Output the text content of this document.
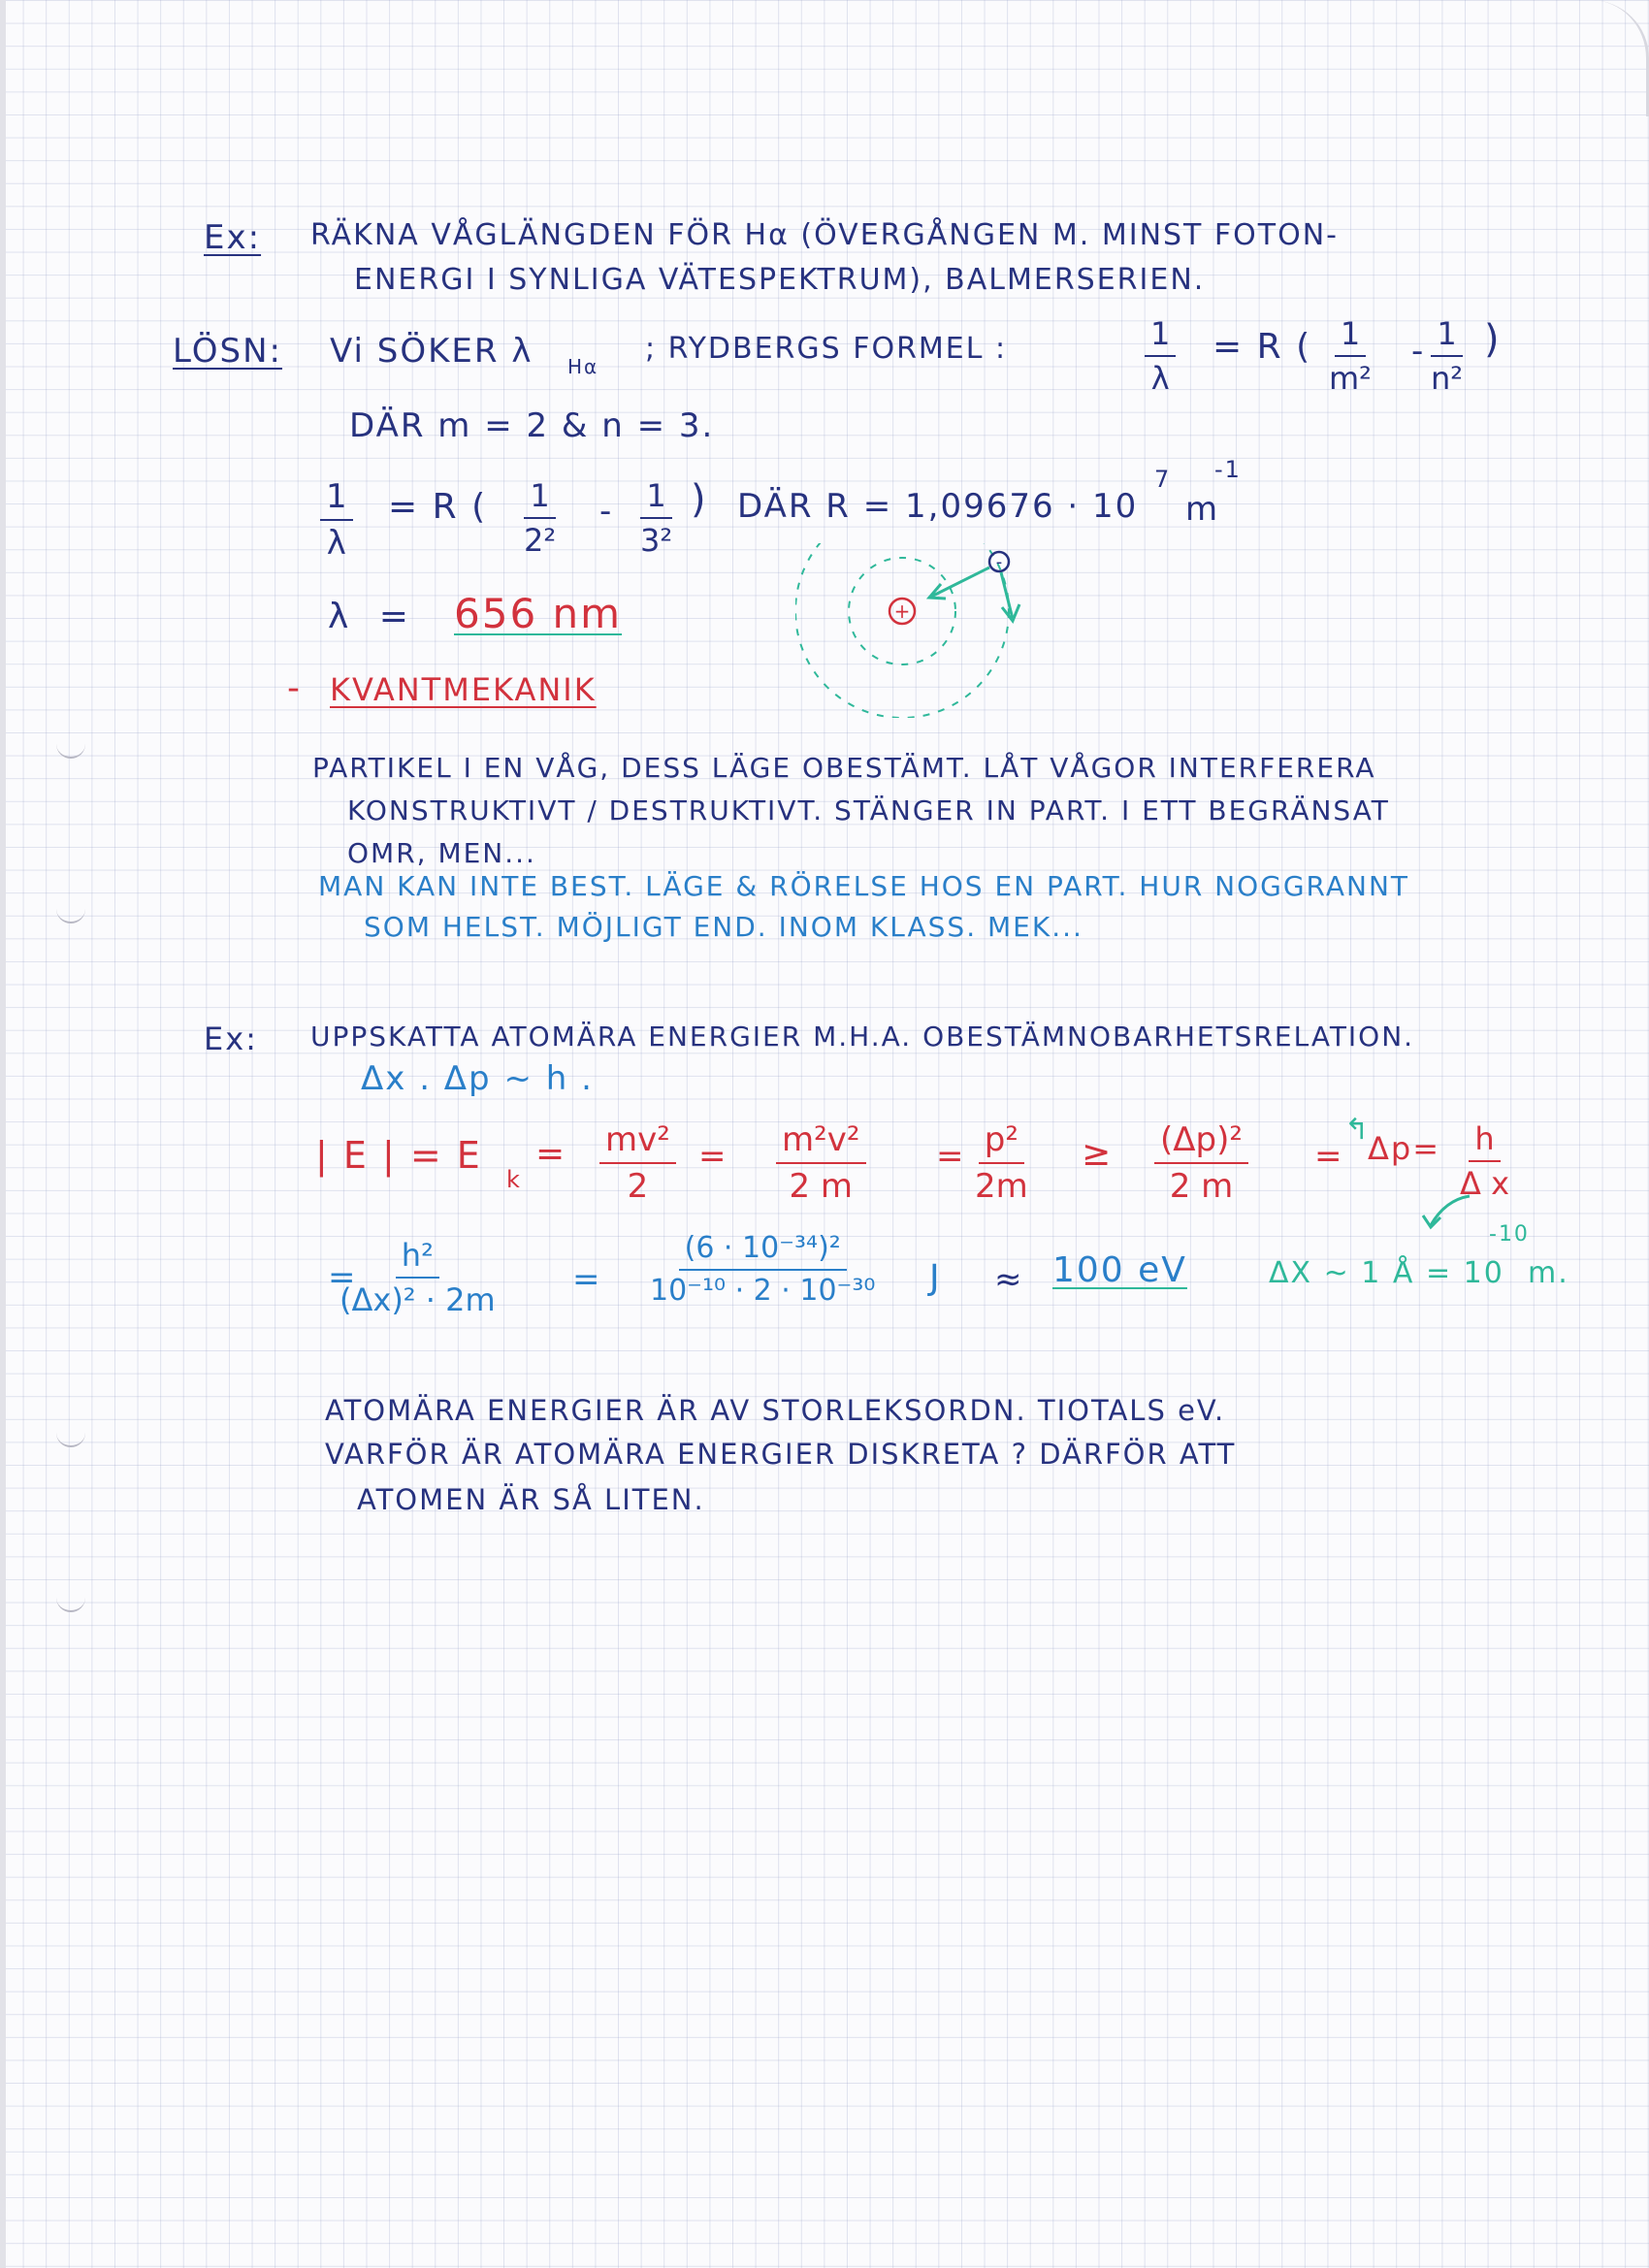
Ex: RÄKNA VÅGLÄNGDEN FÖR Hα (ÖVERGÅNGEN M. MINST FOTON-
ENERGI I SYNLIGA VÄTESPEKTRUM), BALMERSERIEN.
LÖSN: Vi SÖKER λ Hα
; RYDBERGS FORMEL :	$\frac{1}{\lambda} = R$ ( $\frac{1}{\text{m²}} - \frac{1}{\text{n²}}$ )
DÄR m = 2 & n = 3.
$\frac{1}{\lambda} = R$ ( $\frac{1}{\text{2²}} - \frac{1}{\text{3²}}$ ) DÄR R = 1,09676 · 10
7
m
-1
λ = 656 nm	+
-
- KVANTMEKANIK
PARTIKEL I EN VÅG, DESS LÄGE OBESTÄMT. LÅT VÅGOR INTERFERERA
KONSTRUKTIVT / DESTRUKTIVT. STÄNGER IN PART. I ETT BEGRÄNSAT
OMR, MEN...
MAN KAN INTE BEST. LÄGE & RÖRELSE HOS EN PART. HUR NOGGRANNT
SOM HELST. MÖJLIGT END. INOM KLASS. MEK...
Ex: UPPSKATTA ATOMÄRA ENERGIER M.H.A. OBESTÄMNOBARHETSRELATION.
Δx . Δp ~ h .
| E | = E
k
= $\frac{\text{mv²}}{2} = \frac{\text{m²v²}}{2 m} = \frac{\text{p²}}{2m} \ge \frac{\text{(Δp)²}}{2 m}$ =
↰
$\Delta p= \frac{h}{\text{Δ x}}$
=
$\frac{\text{h²}}{\text{(Δx)² · 2m}} = \frac{\text{(6 · 10⁻³⁴)²}}{\text{10⁻¹⁰ · 2 · 10⁻³⁰}}$ J ≈ 100 eV	ΔX ~ 1 Å = 10
-10
m.
ATOMÄRA ENERGIER ÄR AV STORLEKSORDN. TIOTALS eV.
VARFÖR ÄR ATOMÄRA ENERGIER DISKRETA ? DÄRFÖR ATT
ATOMEN ÄR SÅ LITEN.
